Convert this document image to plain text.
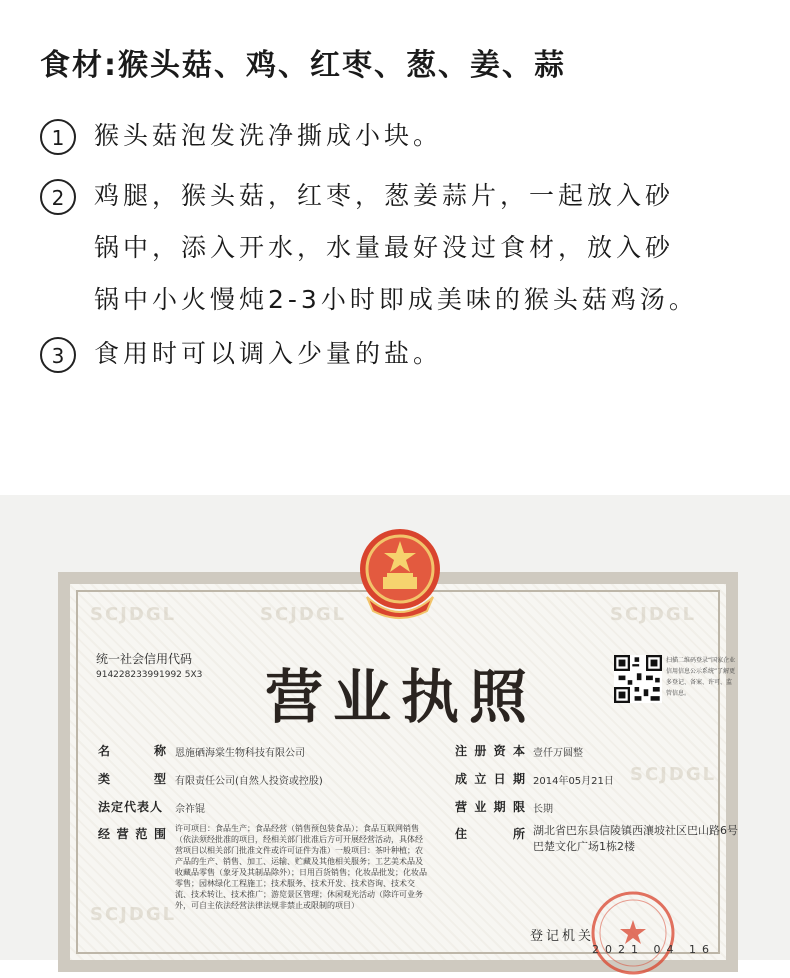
食材:猴头菇、鸡、红枣、葱、姜、蒜
1 猴头菇泡发洗净撕成小块。
2 鸡腿，猴头菇，红枣，葱姜蒜片，一起放入砂
锅中，添入开水，水量最好没过食材，放入砂
锅中小火慢炖2-3小时即成美味的猴头菇鸡汤。
3 食用时可以调入少量的盐。
SCJDGL	SCJDGL	SCJDGL
SCJDGL
SCJDGL
统一社会信用代码
914228233991992 5X3 营业执照
扫描二维码登录“国家企业信用信息公示系统”了解更多登记、备案、许可、监管信息。
名	称 恩施硒海棠生物科技有限公司
类	型 有限责任公司(自然人投资或控股)
法定代表人 佘祚锟
经 营 范 围 许可项目：食品生产；食品经营（销售预包装食品）；食品互联网销售（依法须经批准的项目，经相关部门批准后方可开展经营活动，具体经营项目以相关部门批准文件或许可证件为准）一般项目：茶叶种植；农产品的生产、销售、加工、运输、贮藏及其他相关服务；工艺美术品及收藏品零售（象牙及其制品除外）；日用百货销售；化妆品批发；化妆品零售；园林绿化工程施工；技术服务、技术开发、技术咨询、技术交流、技术转让、技术推广；游览景区管理；休闲观光活动（除许可业务外，可自主依法经营法律法规非禁止或限制的项目）
注 册 资 本 壹仟万圆整
成 立 日 期 2014年05月21日
营 业 期 限 长期
住	所 湖北省巴东县信陵镇西瀼坡社区巴山路6号巴楚文化广场1栋2楼
登记机关
2021 04 16
